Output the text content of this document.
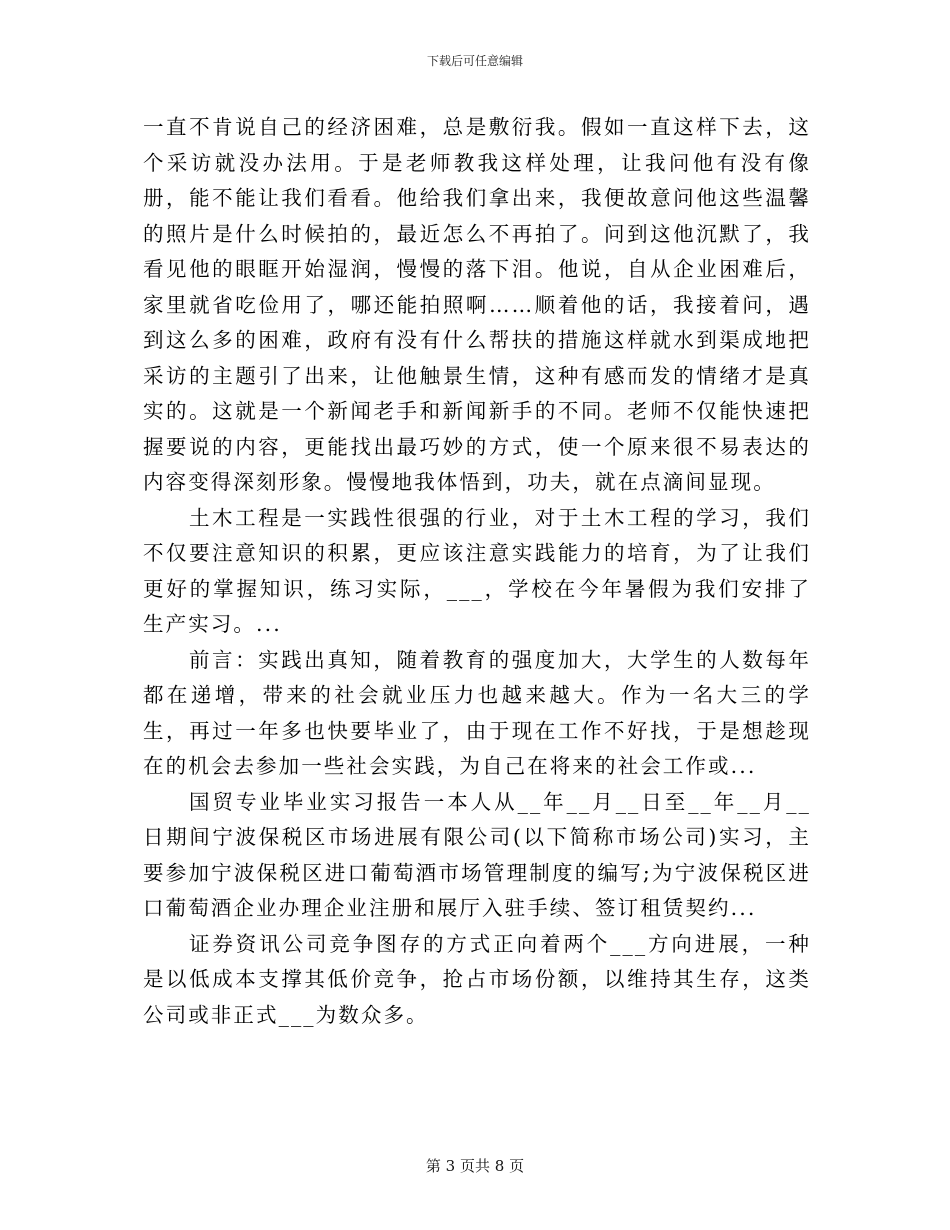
下载后可任意编辑

一直不肯说自己的经济困难，总是敷衍我。假如一直这样下去，这个采访就没办法用。于是老师教我这样处理，让我问他有没有像册，能不能让我们看看。他给我们拿出来，我便故意问他这些温馨的照片是什么时候拍的，最近怎么不再拍了。问到这他沉默了，我看见他的眼眶开始湿润，慢慢的落下泪。他说，自从企业困难后，家里就省吃俭用了，哪还能拍照啊……顺着他的话，我接着问，遇到这么多的困难，政府有没有什么帮扶的措施这样就水到渠成地把采访的主题引了出来，让他触景生情，这种有感而发的情绪才是真实的。这就是一个新闻老手和新闻新手的不同。老师不仅能快速把握要说的内容，更能找出最巧妙的方式，使一个原来很不易表达的内容变得深刻形象。慢慢地我体悟到，功夫，就在点滴间显现。

土木工程是一实践性很强的行业，对于土木工程的学习，我们不仅要注意知识的积累，更应该注意实践能力的培育，为了让我们更好的掌握知识，练习实际，___，学校在今年暑假为我们安排了生产实习。...

前言：实践出真知，随着教育的强度加大，大学生的人数每年都在递增，带来的社会就业压力也越来越大。作为一名大三的学生，再过一年多也快要毕业了，由于现在工作不好找，于是想趁现在的机会去参加一些社会实践，为自己在将来的社会工作或...

国贸专业毕业实习报告一本人从__年__月__日至__年__月__日期间宁波保税区市场进展有限公司(以下简称市场公司)实习，主要参加宁波保税区进口葡萄酒市场管理制度的编写;为宁波保税区进口葡萄酒企业办理企业注册和展厅入驻手续、签订租赁契约...

证券资讯公司竞争图存的方式正向着两个___方向进展，一种是以低成本支撑其低价竞争，抢占市场份额，以维持其生存，这类公司或非正式___为数众多。

第 3 页共 8 页
